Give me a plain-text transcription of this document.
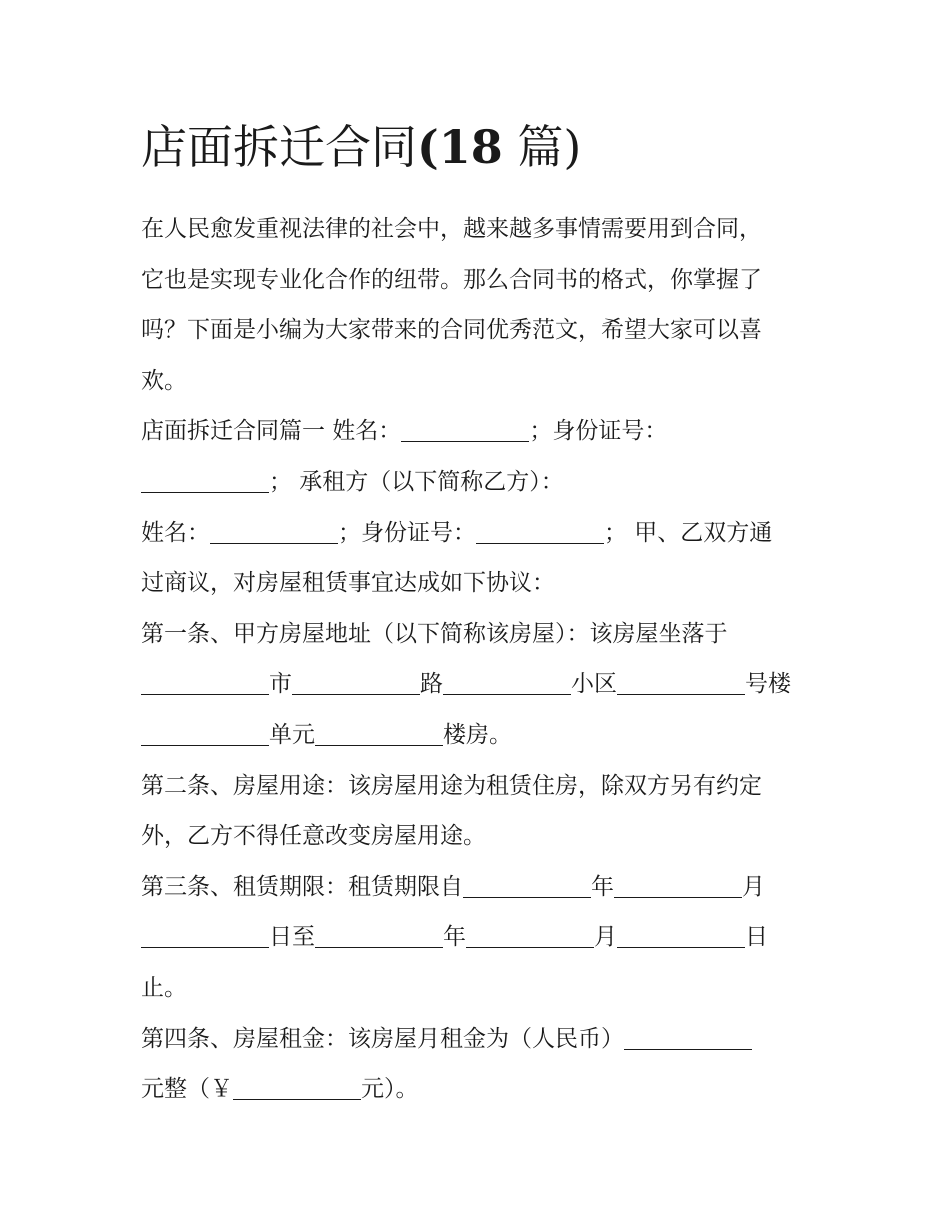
店面拆迁合同(18 篇)
在人民愈发重视法律的社会中，越来越多事情需要用到合同，
它也是实现专业化合作的纽带。那么合同书的格式，你掌握了
吗？下面是小编为大家带来的合同优秀范文，希望大家可以喜
欢。
店面拆迁合同篇一 姓名：	；身份证号：
； 承租方（以下简称乙方）：
姓名：	；身份证号：	； 甲、乙双方通
过商议，对房屋租赁事宜达成如下协议：
第一条、甲方房屋地址（以下简称该房屋）：该房屋坐落于
市	路	小区	号楼
单元	楼房。
第二条、房屋用途：该房屋用途为租赁住房，除双方另有约定
外，乙方不得任意改变房屋用途。
第三条、租赁期限：租赁期限自	年	月
日至	年	月	日
止。
第四条、房屋租金：该房屋月租金为（人民币）
元整（￥	元）。
